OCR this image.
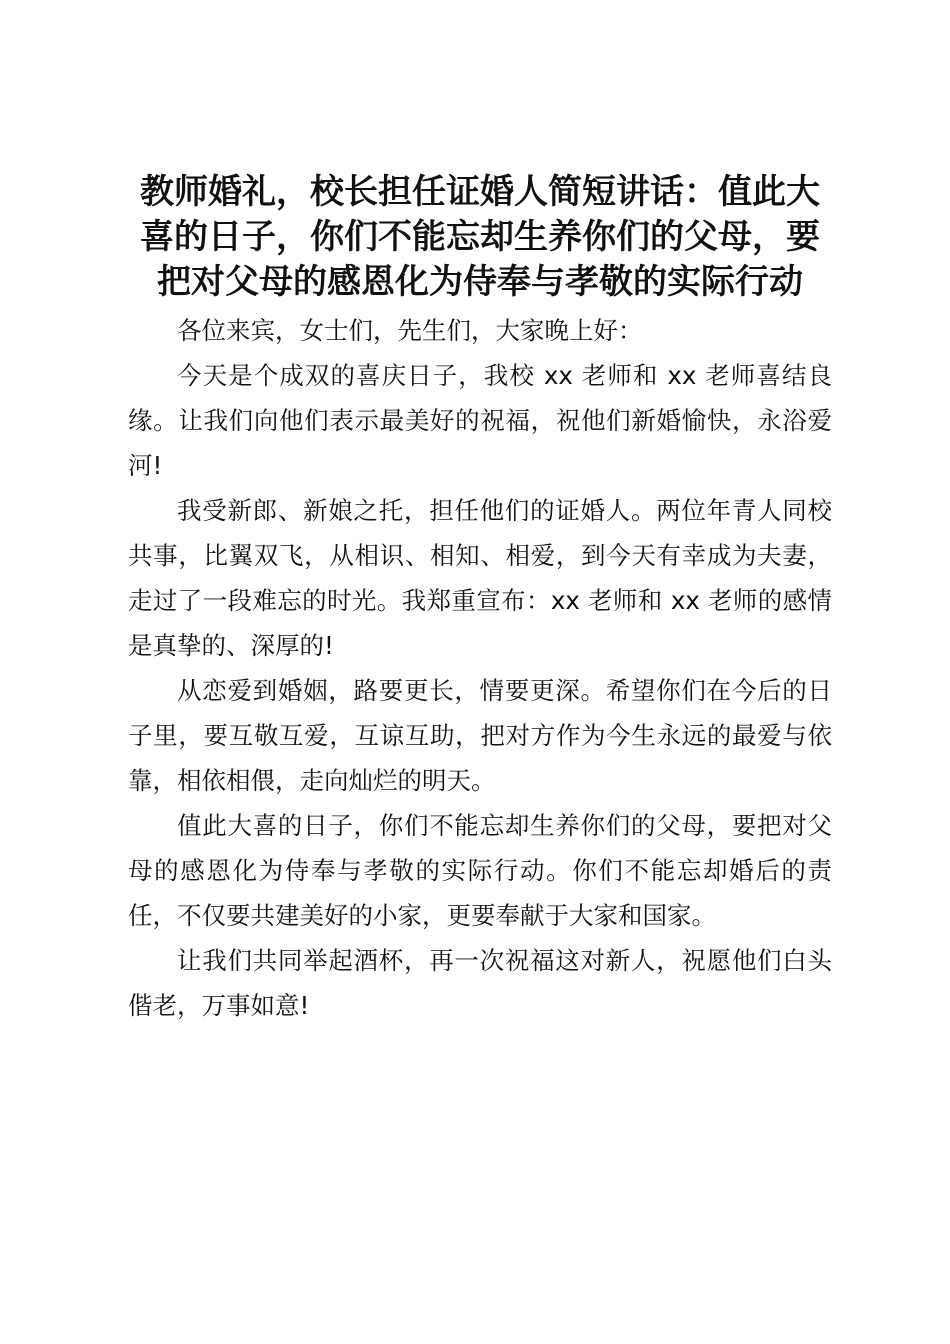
教师婚礼，校长担任证婚人简短讲话：值此大喜的日子，你们不能忘却生养你们的父母，要把对父母的感恩化为侍奉与孝敬的实际行动

各位来宾，女士们，先生们，大家晚上好：

今天是个成双的喜庆日子，我校 xx 老师和 xx 老师喜结良缘。让我们向他们表示最美好的祝福，祝他们新婚愉快，永浴爱河!

我受新郎、新娘之托，担任他们的证婚人。两位年青人同校共事，比翼双飞，从相识、相知、相爱，到今天有幸成为夫妻，走过了一段难忘的时光。我郑重宣布：xx 老师和 xx 老师的感情是真挚的、深厚的!

从恋爱到婚姻，路要更长，情要更深。希望你们在今后的日子里，要互敬互爱，互谅互助，把对方作为今生永远的最爱与依靠，相依相偎，走向灿烂的明天。

值此大喜的日子，你们不能忘却生养你们的父母，要把对父母的感恩化为侍奉与孝敬的实际行动。你们不能忘却婚后的责任，不仅要共建美好的小家，更要奉献于大家和国家。

让我们共同举起酒杯，再一次祝福这对新人，祝愿他们白头偕老，万事如意!
